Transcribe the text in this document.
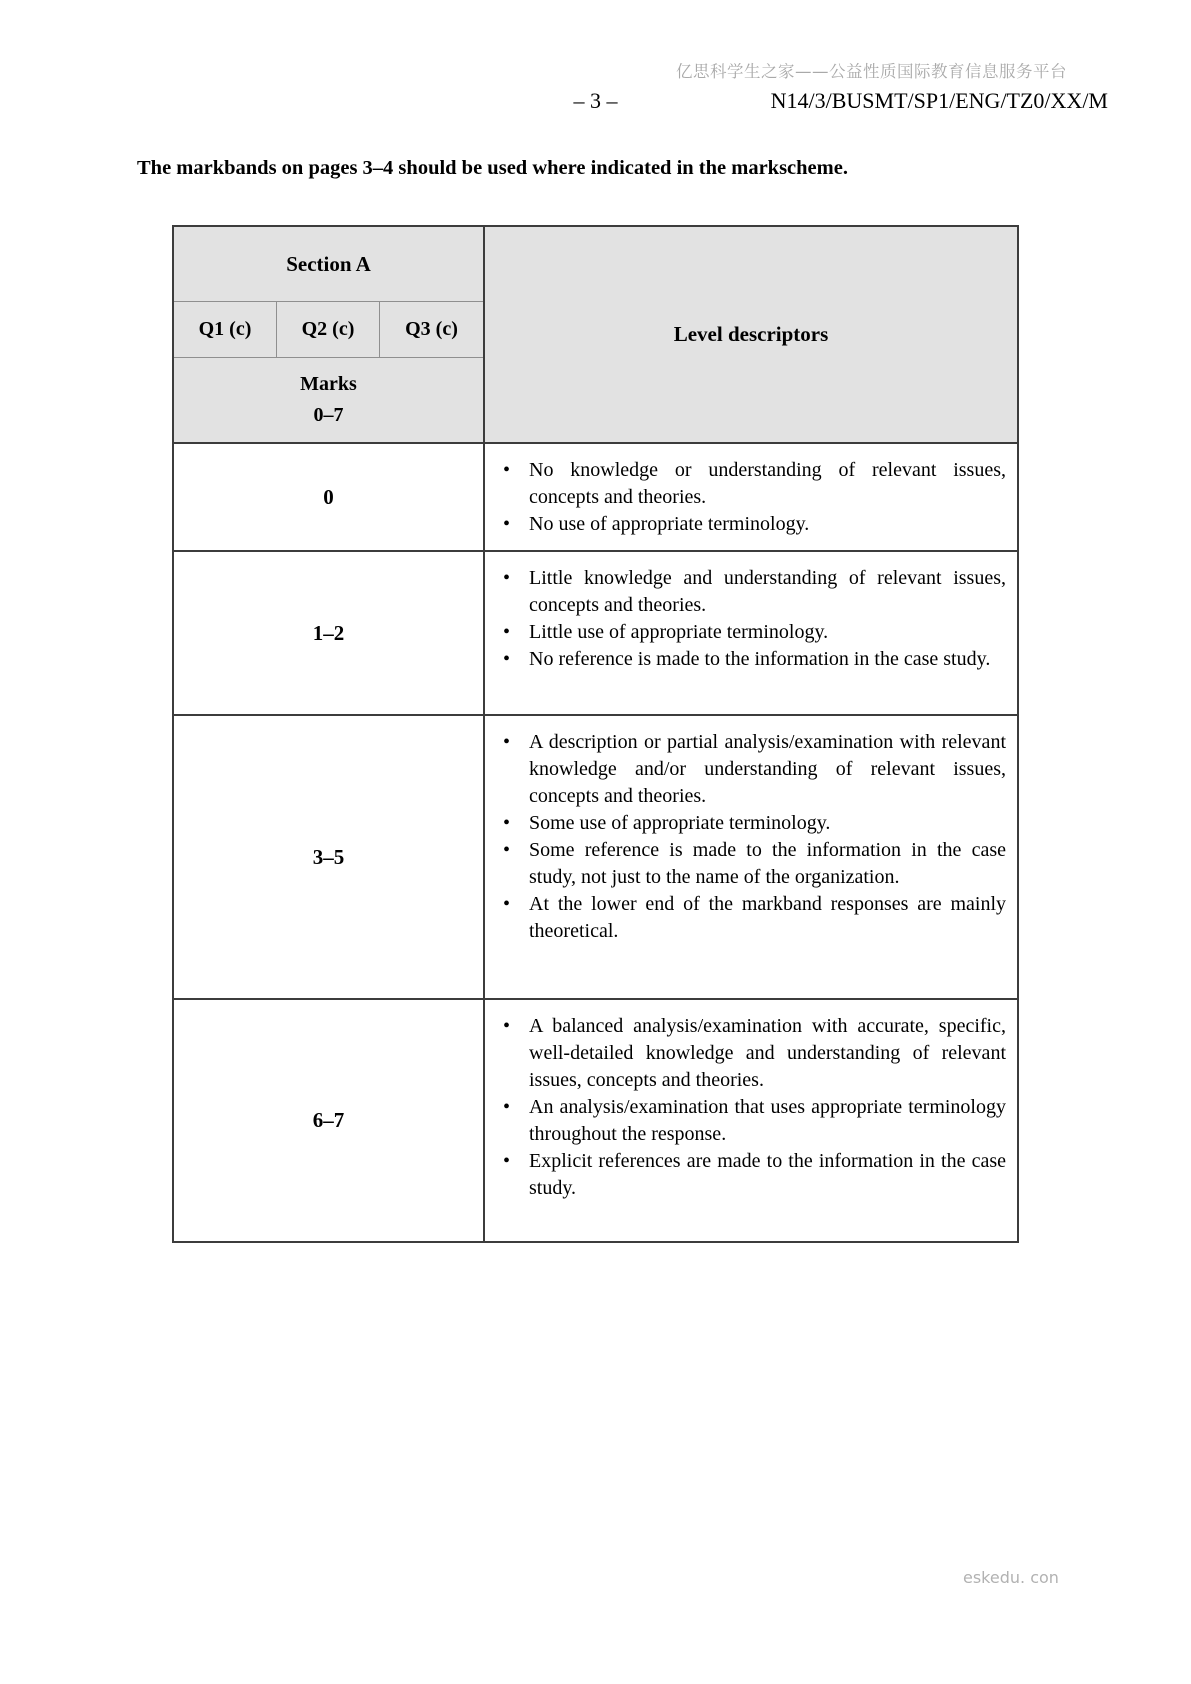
亿思科学生之家——公益性质国际教育信息服务平台
– 3 –	N14/3/BUSMT/SP1/ENG/TZ0/XX/M

The markbands on pages 3–4 should be used where indicated in the markscheme.

Section A
Q1 (c)	Q2 (c)	Q3 (c)
Marks
0–7
Level descriptors
0
• No knowledge or understanding of relevant issues, concepts and theories.
• No use of appropriate terminology.
1–2
• Little knowledge and understanding of relevant issues, concepts and theories.
• Little use of appropriate terminology.
• No reference is made to the information in the case study.
3–5
• A description or partial analysis/examination with relevant knowledge and/or understanding of relevant issues, concepts and theories.
• Some use of appropriate terminology.
• Some reference is made to the information in the case study, not just to the name of the organization.
• At the lower end of the markband responses are mainly theoretical.
6–7
• A balanced analysis/examination with accurate, specific, well-detailed knowledge and understanding of relevant issues, concepts and theories.
• An analysis/examination that uses appropriate terminology throughout the response.
• Explicit references are made to the information in the case study.
eskedu. con
